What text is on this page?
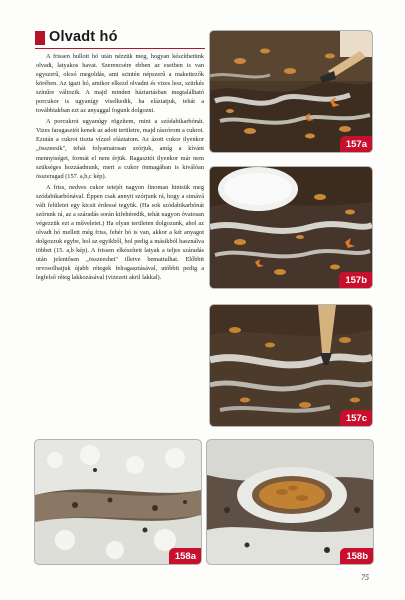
Olvadt hó

A frissen hullott hó után nézzük meg, hogyan készíthetünk olvadt, latyakos havat. Szerencsére ebben az esetben is van egyszerű, olcsó megoldás, ami szintén népszerű a makettezők körében. Az igazi hó, amikor elkezd olvadni és vizes lesz, szürkés színűre változik. A majd minden háztartásban megtalálható porcukor is ugyanígy viselkedik, ha eláztatjuk, tehát a továbbiakban ezt az anyaggal fogunk dolgozni.

A porcukrot ugyanúgy rögzítem, mint a szódabikarbónát. Vizes faragasztót kenek az adott területre, majd rászórom a cukrot. Ezután a cukrot tiszta vízzel eláztatom. Az ázott cukor ilyenkor „összeesik", tehát folyamatosan szórjuk, amíg a kívánt mennyiséget, formát el nem érjük. Ragasztót ilyenkor már nem szükséges hozzáadnunk, mert a cukor önmagában is kiválóan összeragad (157. a,b,c kép).

A friss, nedves cukor tetejét nagyon finoman hintsük meg szódabikarbónával. Éppen csak annyit szórjunk rá, hogy a simává vált felületet egy kicsit érdessé tegyük. (Ha sok szódabikarbónát szórunk rá, az a száradás során kifehéredik, tehát nagyon óvatosan végezzük ezt a műveletet.) Ha olyan területen dolgozunk, ahol az olvadt hó mellett még friss, fehér hó is van, akkor a két anyagot dolgozzuk egybe, hol az egyikből, hol pedig a másikból használva többet (15. a,b kép). A frissen elkészített latyak a teljes száradás után jelentősen „összeeshet" illetve bemattulhat. Előbbit orvosolhatjuk újabb rétegek felragasztásával, utóbbit pedig a legfelső réteg lakkozásával (vizezett akril lakkal).

157a
157b
157c
158a	158b
75
